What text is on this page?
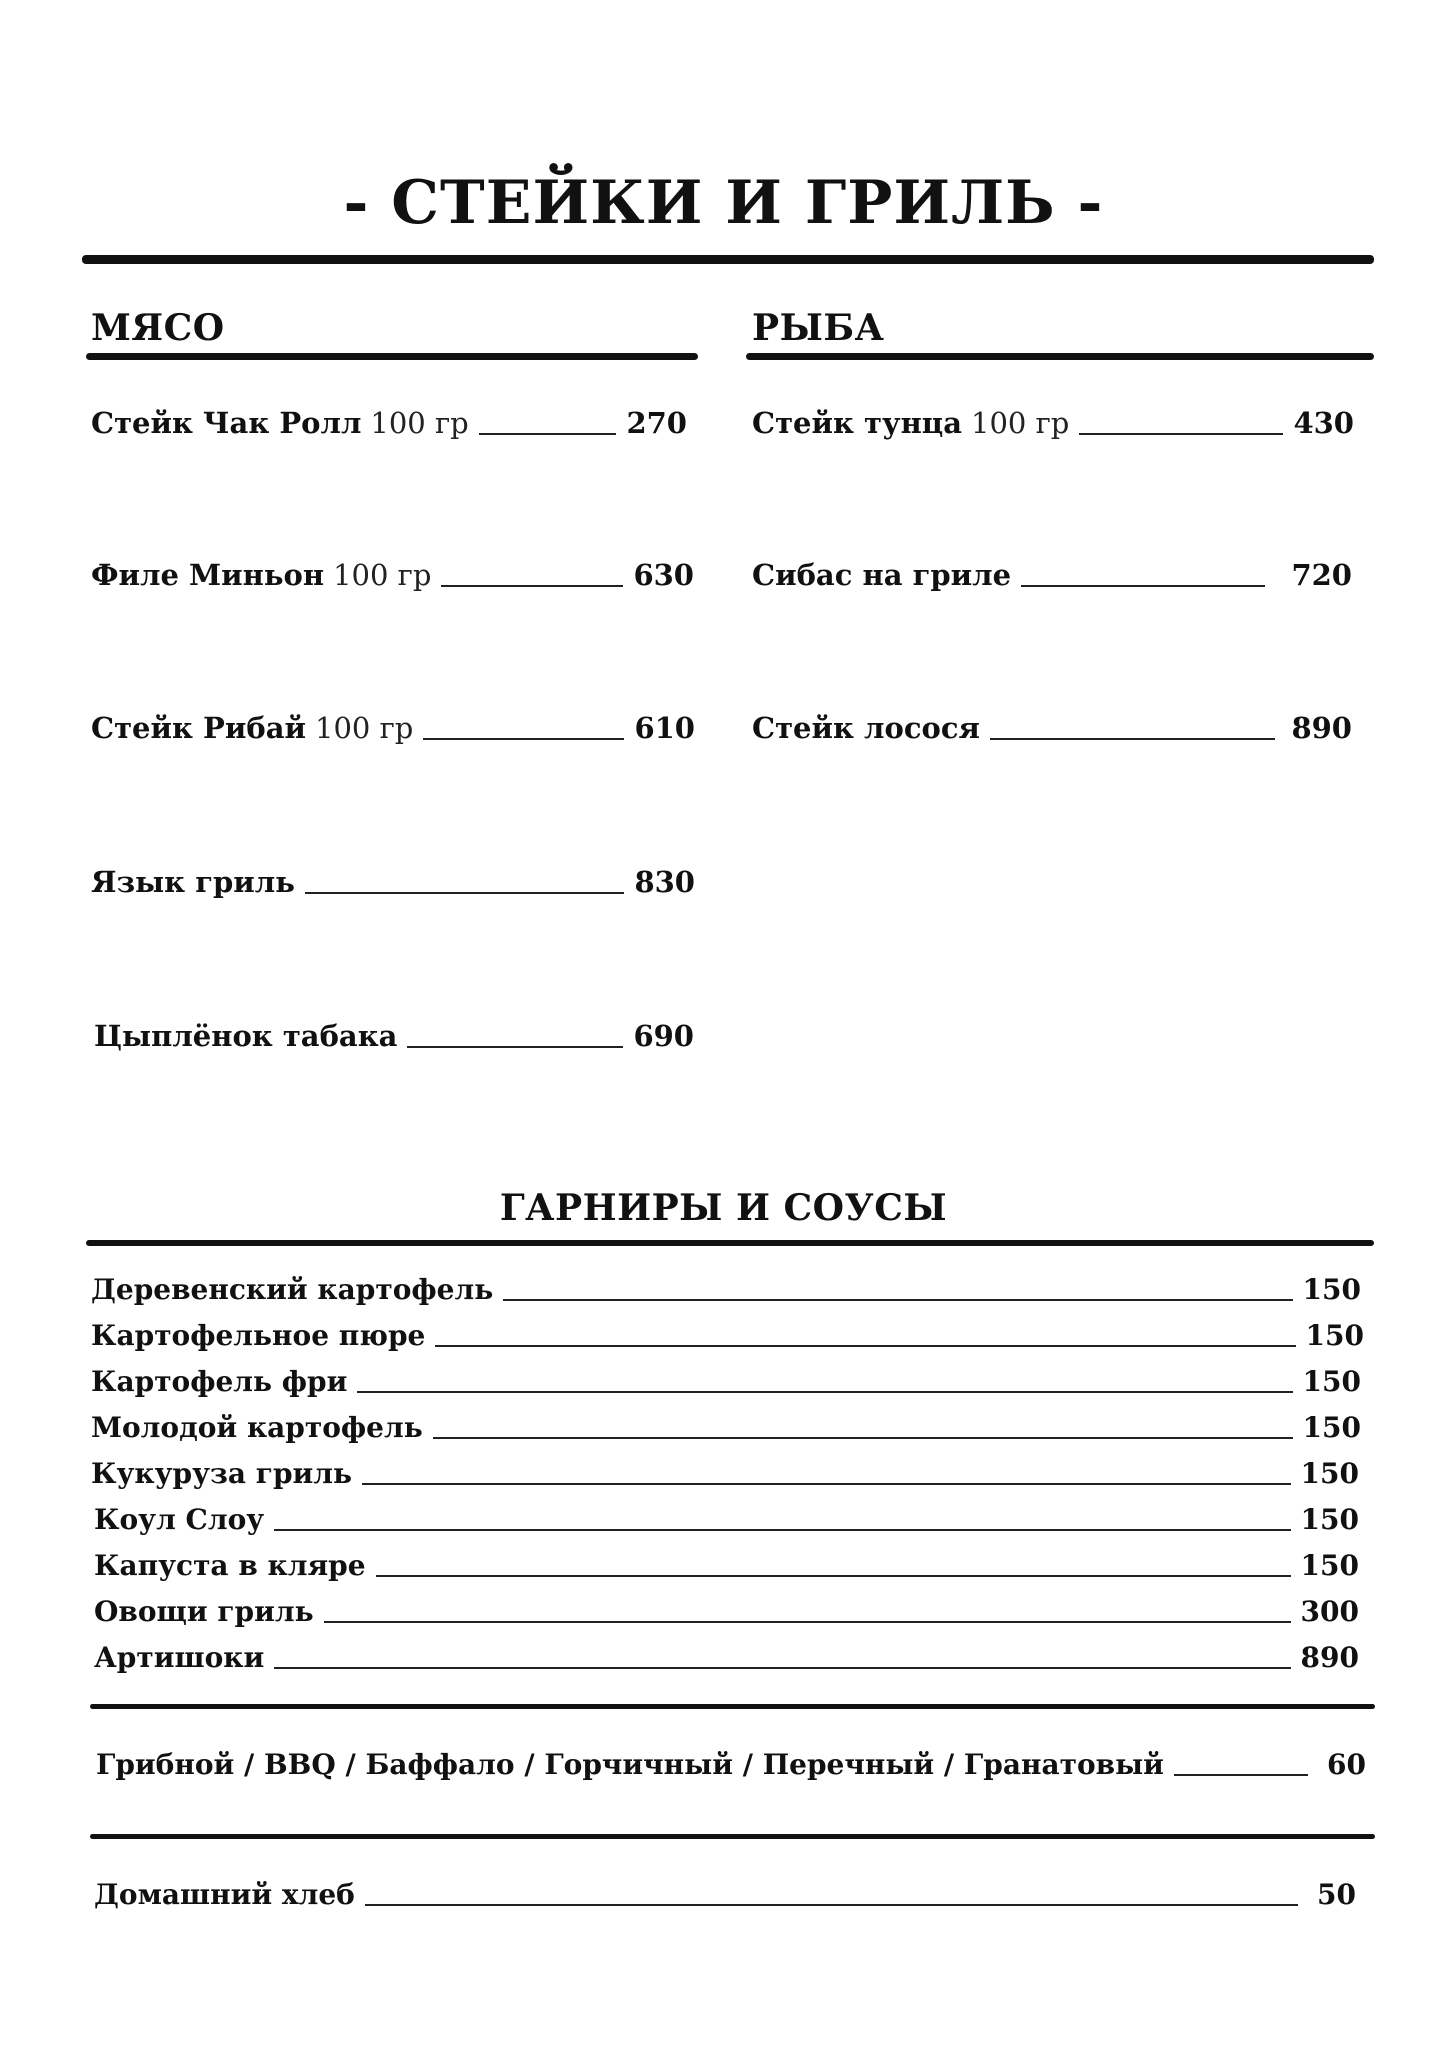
- СТЕЙКИ И ГРИЛЬ -
МЯСО
Стейк Чак Ролл 100 гр	270
Филе Миньон 100 гр	630
Стейк Рибай 100 гр	610
Язык гриль	830
Цыплёнок табака	690
РЫБА
Стейк тунца 100 гр	430
Сибас на гриле	720
Стейк лосося	890
ГАРНИРЫ И СОУСЫ
Деревенский картофель	150
Картофельное пюре	150
Картофель фри	150
Молодой картофель	150
Кукуруза гриль	150
Коул Слоу	150
Капуста в кляре	150
Овощи гриль	300
Артишоки	890
Грибной / BBQ / Баффало / Горчичный / Перечный / Гранатовый	60
Домашний хлеб	50
